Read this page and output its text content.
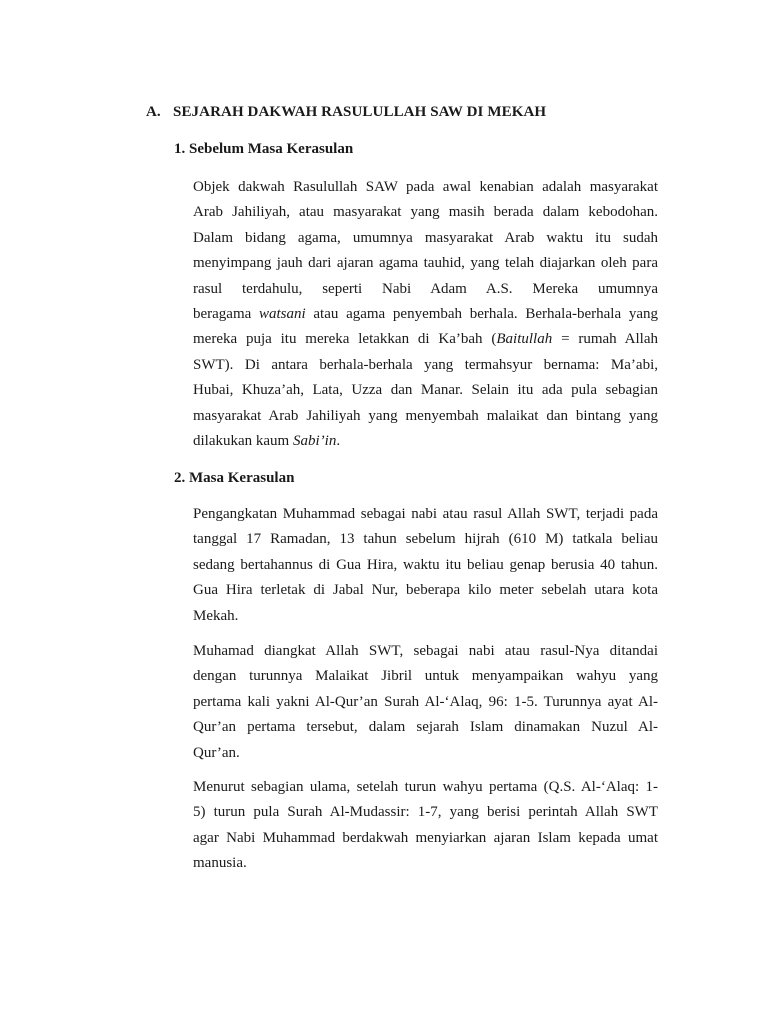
A. SEJARAH DAKWAH RASULULLAH SAW DI MEKAH
1. Sebelum Masa Kerasulan
Objek dakwah Rasulullah SAW pada awal kenabian adalah masyarakat
Arab Jahiliyah, atau masyarakat yang masih berada dalam kebodohan.
Dalam bidang agama, umumnya masyarakat Arab waktu itu sudah
menyimpang jauh dari ajaran agama tauhid, yang telah diajarkan oleh para
rasul terdahulu, seperti Nabi Adam A.S. Mereka umumnya
beragama watsani atau agama penyembah berhala. Berhala-berhala yang
mereka puja itu mereka letakkan di Ka’bah (Baitullah = rumah Allah
SWT). Di antara berhala-berhala yang termahsyur bernama: Ma’abi,
Hubai, Khuza’ah, Lata, Uzza dan Manar. Selain itu ada pula sebagian
masyarakat Arab Jahiliyah yang menyembah malaikat dan bintang yang
dilakukan kaum Sabi’in.
2. Masa Kerasulan
Pengangkatan Muhammad sebagai nabi atau rasul Allah SWT, terjadi pada
tanggal 17 Ramadan, 13 tahun sebelum hijrah (610 M) tatkala beliau
sedang bertahannus di Gua Hira, waktu itu beliau genap berusia 40 tahun.
Gua Hira terletak di Jabal Nur, beberapa kilo meter sebelah utara kota
Mekah.
Muhamad diangkat Allah SWT, sebagai nabi atau rasul-Nya ditandai
dengan turunnya Malaikat Jibril untuk menyampaikan wahyu yang
pertama kali yakni Al-Qur’an Surah Al-‘Alaq, 96: 1-5. Turunnya ayat Al-
Qur’an pertama tersebut, dalam sejarah Islam dinamakan Nuzul Al-
Qur’an.
Menurut sebagian ulama, setelah turun wahyu pertama (Q.S. Al-‘Alaq: 1-
5) turun pula Surah Al-Mudassir: 1-7, yang berisi perintah Allah SWT
agar Nabi Muhammad berdakwah menyiarkan ajaran Islam kepada umat
manusia.
